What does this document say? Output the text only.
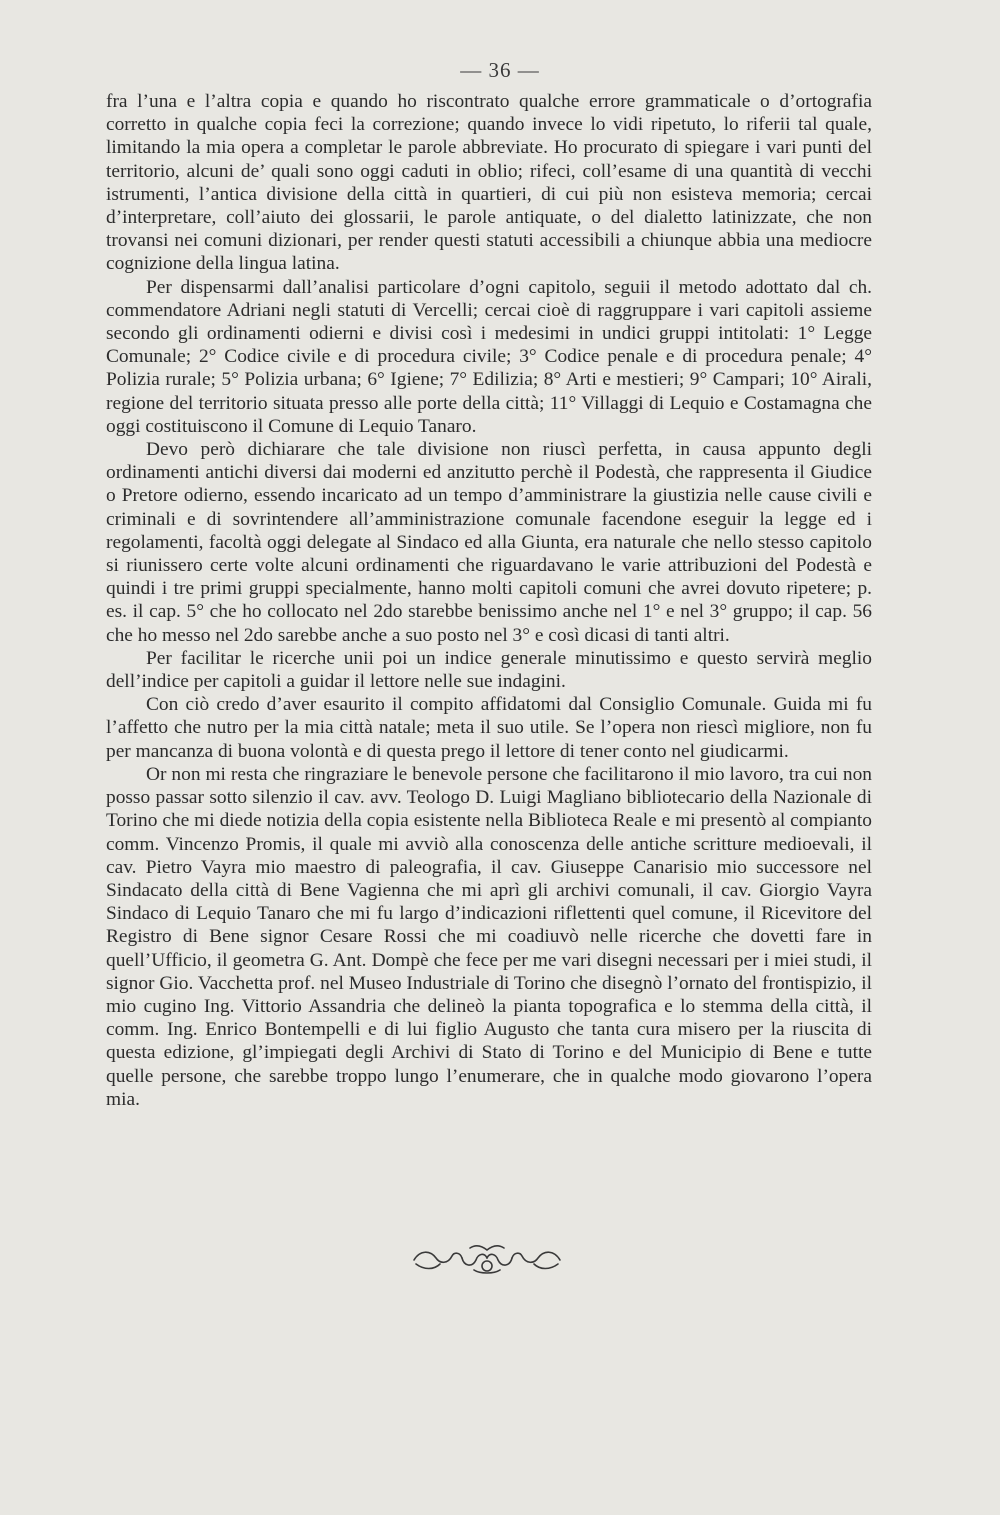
— 36 —

fra l’una e l’altra copia e quando ho riscontrato qualche errore grammaticale o d’ortografia corretto in qualche copia feci la correzione; quando invece lo vidi ripetuto, lo riferii tal quale, limitando la mia opera a completar le parole abbreviate. Ho procurato di spiegare i vari punti del territorio, alcuni de’ quali sono oggi caduti in oblio; rifeci, coll’esame di una quantità di vecchi istrumenti, l’antica divisione della città in quartieri, di cui più non esisteva memoria; cercai d’interpretare, coll’aiuto dei glossarii, le parole antiquate, o del dialetto latinizzate, che non trovansi nei comuni dizionari, per render questi statuti accessibili a chiunque abbia una mediocre cognizione della lingua latina.

Per dispensarmi dall’analisi particolare d’ogni capitolo, seguii il metodo adottato dal ch. commendatore Adriani negli statuti di Vercelli; cercai cioè di raggruppare i vari capitoli assieme secondo gli ordinamenti odierni e divisi così i medesimi in undici gruppi intitolati: 1° Legge Comunale; 2° Codice civile e di procedura civile; 3° Codice penale e di procedura penale; 4° Polizia rurale; 5° Polizia urbana; 6° Igiene; 7° Edilizia; 8° Arti e mestieri; 9° Campari; 10° Airali, regione del territorio situata presso alle porte della città; 11° Villaggi di Lequio e Costamagna che oggi costituiscono il Comune di Lequio Tanaro.

Devo però dichiarare che tale divisione non riuscì perfetta, in causa appunto degli ordinamenti antichi diversi dai moderni ed anzitutto perchè il Podestà, che rappresenta il Giudice o Pretore odierno, essendo incaricato ad un tempo d’amministrare la giustizia nelle cause civili e criminali e di sovrintendere all’amministrazione comunale facendone eseguir la legge ed i regolamenti, facoltà oggi delegate al Sindaco ed alla Giunta, era naturale che nello stesso capitolo si riunissero certe volte alcuni ordinamenti che riguardavano le varie attribuzioni del Podestà e quindi i tre primi gruppi specialmente, hanno molti capitoli comuni che avrei dovuto ripetere; p. es. il cap. 5° che ho collocato nel 2do starebbe benissimo anche nel 1° e nel 3° gruppo; il cap. 56 che ho messo nel 2do sarebbe anche a suo posto nel 3° e così dicasi di tanti altri.

Per facilitar le ricerche unii poi un indice generale minutissimo e questo servirà meglio dell’indice per capitoli a guidar il lettore nelle sue indagini.

Con ciò credo d’aver esaurito il compito affidatomi dal Consiglio Comunale. Guida mi fu l’affetto che nutro per la mia città natale; meta il suo utile. Se l’opera non riescì migliore, non fu per mancanza di buona volontà e di questa prego il lettore di tener conto nel giudicarmi.

Or non mi resta che ringraziare le benevole persone che facilitarono il mio lavoro, tra cui non posso passar sotto silenzio il cav. avv. Teologo D. Luigi Magliano bibliotecario della Nazionale di Torino che mi diede notizia della copia esistente nella Biblioteca Reale e mi presentò al compianto comm. Vincenzo Promis, il quale mi avviò alla conoscenza delle antiche scritture medioevali, il cav. Pietro Vayra mio maestro di paleografia, il cav. Giuseppe Canarisio mio successore nel Sindacato della città di Bene Vagienna che mi aprì gli archivi comunali, il cav. Giorgio Vayra Sindaco di Lequio Tanaro che mi fu largo d’indicazioni riflettenti quel comune, il Ricevitore del Registro di Bene signor Cesare Rossi che mi coadiuvò nelle ricerche che dovetti fare in quell’Ufficio, il geometra G. Ant. Dompè che fece per me vari disegni necessari per i miei studi, il signor Gio. Vacchetta prof. nel Museo Industriale di Torino che disegnò l’ornato del frontispizio, il mio cugino Ing. Vittorio Assandria che delineò la pianta topografica e lo stemma della città, il comm. Ing. Enrico Bontempelli e di lui figlio Augusto che tanta cura misero per la riuscita di questa edizione, gl’impiegati degli Archivi di Stato di Torino e del Municipio di Bene e tutte quelle persone, che sarebbe troppo lungo l’enumerare, che in qualche modo giovarono l’opera mia.
